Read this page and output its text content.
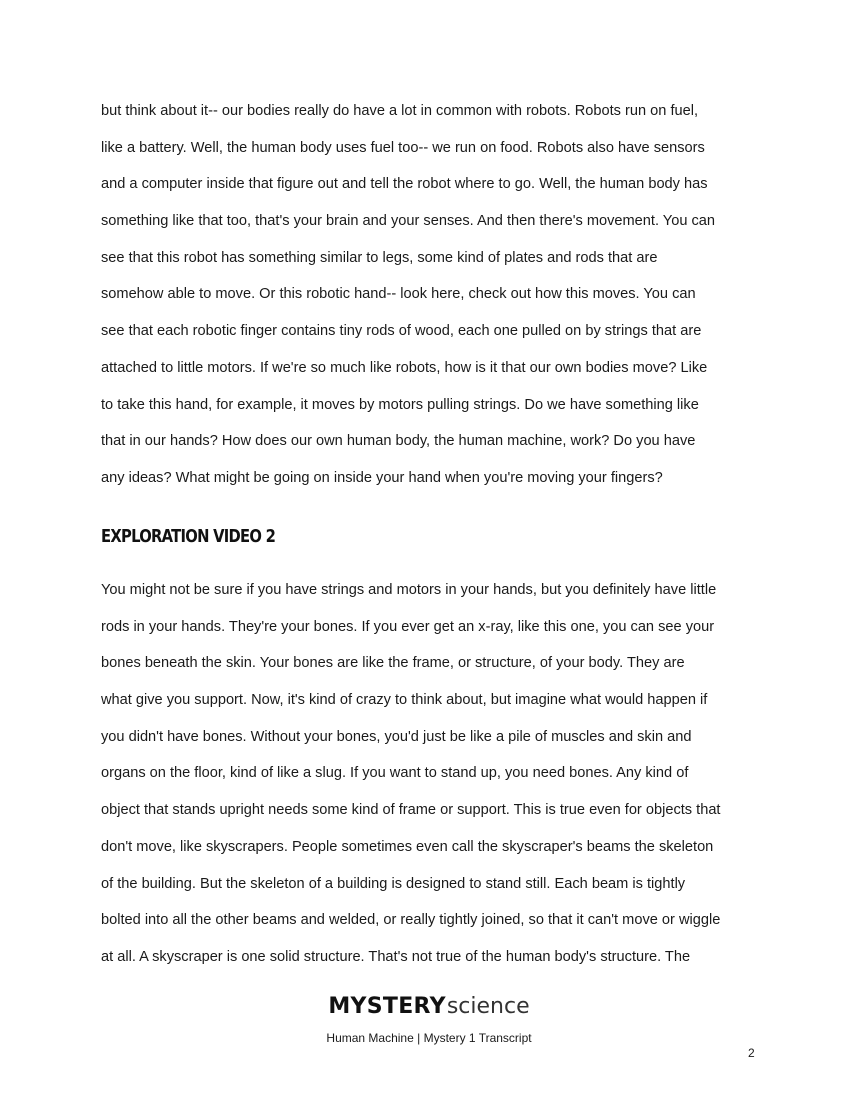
but think about it-- our bodies really do have a lot in common with robots. Robots run on fuel,
like a battery. Well, the human body uses fuel too-- we run on food. Robots also have sensors
and a computer inside that figure out and tell the robot where to go. Well, the human body has
something like that too, that's your brain and your senses. And then there's movement. You can
see that this robot has something similar to legs, some kind of plates and rods that are
somehow able to move. Or this robotic hand-- look here, check out how this moves. You can
see that each robotic finger contains tiny rods of wood, each one pulled on by strings that are
attached to little motors. If we're so much like robots, how is it that our own bodies move? Like
to take this hand, for example, it moves by motors pulling strings. Do we have something like
that in our hands? How does our own human body, the human machine, work? Do you have
any ideas? What might be going on inside your hand when you're moving your fingers?
EXPLORATION VIDEO 2
You might not be sure if you have strings and motors in your hands, but you definitely have little
rods in your hands. They're your bones. If you ever get an x-ray, like this one, you can see your
bones beneath the skin. Your bones are like the frame, or structure, of your body. They are
what give you support. Now, it's kind of crazy to think about, but imagine what would happen if
you didn't have bones. Without your bones, you'd just be like a pile of muscles and skin and
organs on the floor, kind of like a slug. If you want to stand up, you need bones. Any kind of
object that stands upright needs some kind of frame or support. This is true even for objects that
don't move, like skyscrapers. People sometimes even call the skyscraper's beams the skeleton
of the building. But the skeleton of a building is designed to stand still. Each beam is tightly
bolted into all the other beams and welded, or really tightly joined, so that it can't move or wiggle
at all. A skyscraper is one solid structure. That's not true of the human body's structure. The
MYSTERY science
Human Machine | Mystery 1 Transcript
2
